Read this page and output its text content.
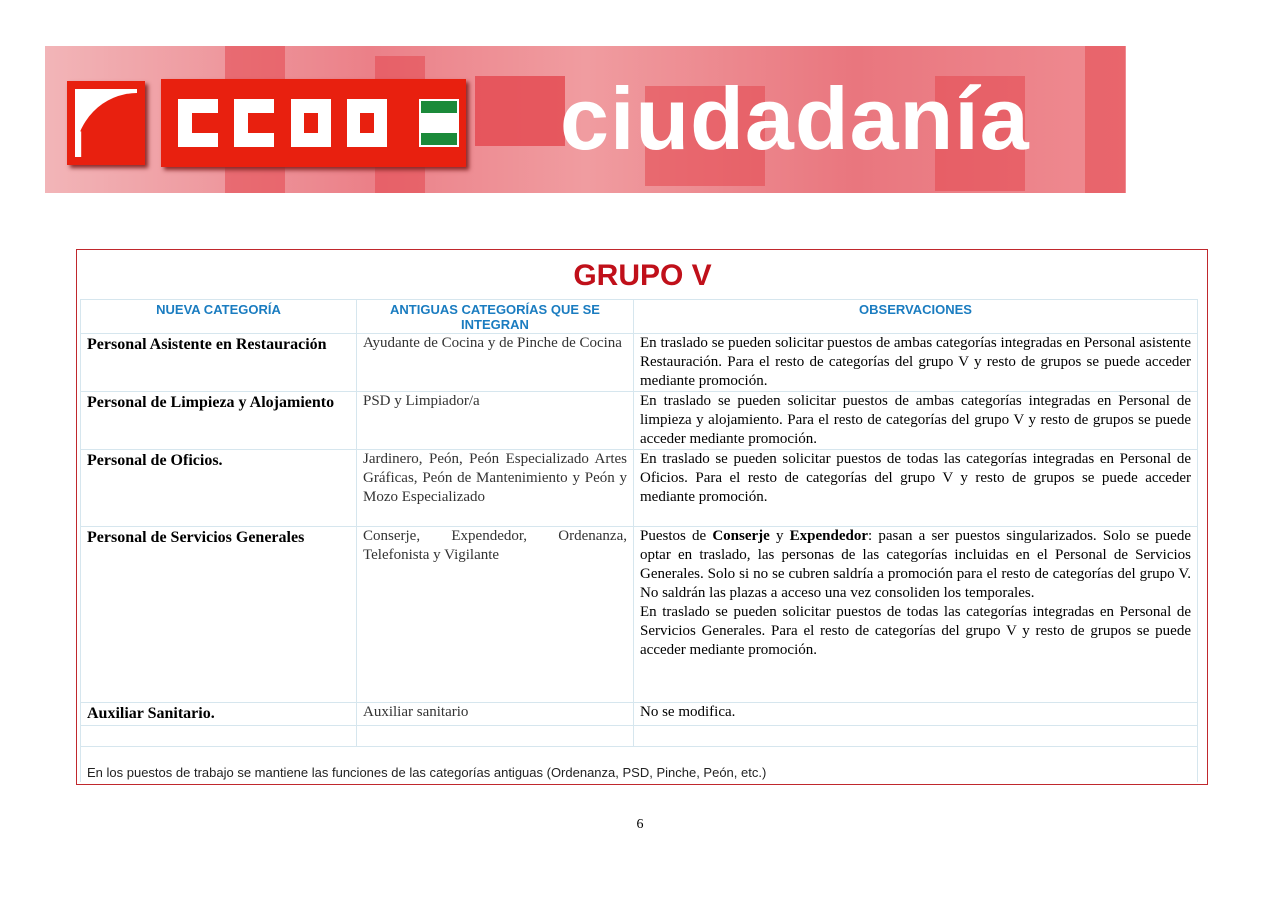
ciudadanía
GRUPO V
NUEVA CATEGORÍA	ANTIGUAS CATEGORÍAS QUE SE INTEGRAN	OBSERVACIONES
Personal Asistente en Restauración	Ayudante de Cocina y de Pinche de Cocina	En traslado se pueden solicitar puestos de ambas categorías integradas en Personal asistente Restauración. Para el resto de categorías del grupo V y resto de grupos se puede acceder mediante promoción.
Personal de Limpieza y Alojamiento	PSD y Limpiador/a	En traslado se pueden solicitar puestos de ambas categorías integradas en Personal de limpieza y alojamiento. Para el resto de categorías del grupo V y resto de grupos se puede acceder mediante promoción.
Personal de Oficios.	Jardinero, Peón, Peón Especializado Artes Gráficas, Peón de Mantenimiento y Peón y Mozo Especializado	En traslado se pueden solicitar puestos de todas las categorías integradas en Personal de Oficios. Para el resto de categorías del grupo V y resto de grupos se puede acceder mediante promoción.
Personal de Servicios Generales	Conserje, Expendedor, Ordenanza, Telefonista y Vigilante	Puestos de Conserje y Expendedor: pasan a ser puestos singularizados. Solo se puede optar en traslado, las personas de las categorías incluidas en el Personal de Servicios Generales. Solo si no se cubren saldría a promoción para el resto de categorías del grupo V. No saldrán las plazas a acceso una vez consoliden los temporales.
En traslado se pueden solicitar puestos de todas las categorías integradas en Personal de Servicios Generales. Para el resto de categorías del grupo V y resto de grupos se puede acceder mediante promoción.
Auxiliar Sanitario.	Auxiliar sanitario	No se modifica.

En los puestos de trabajo se mantiene las funciones de las categorías antiguas (Ordenanza, PSD, Pinche, Peón, etc.)		
6
